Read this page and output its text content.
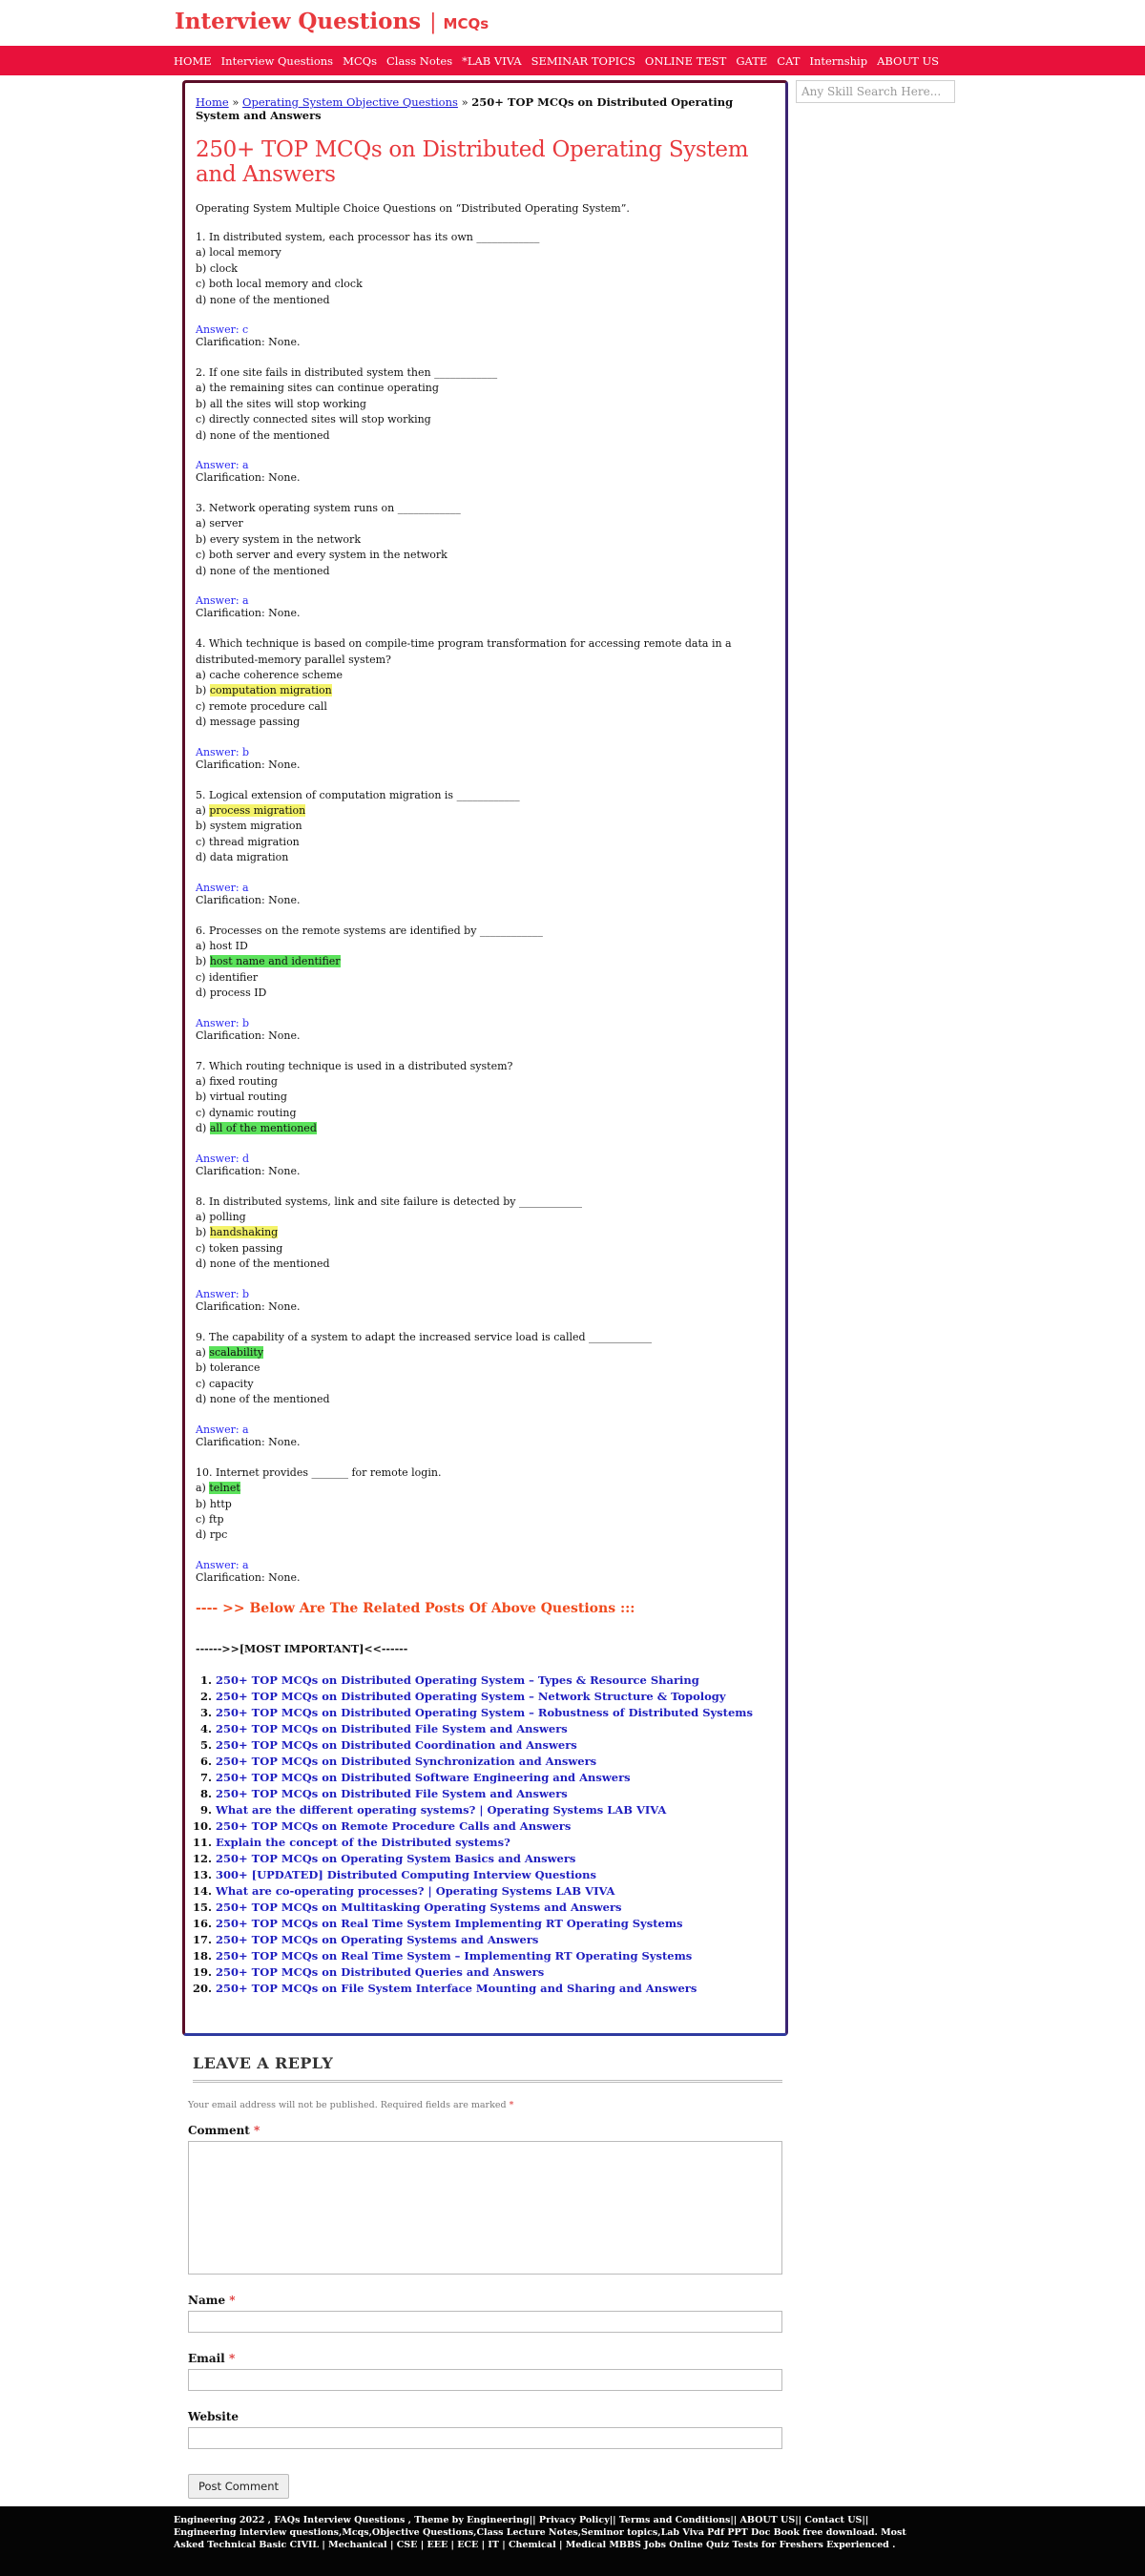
Interview Questions | MCQs
HOME Interview Questions MCQs Class Notes *LAB VIVA SEMINAR TOPICS ONLINE TEST GATE CAT Internship ABOUT US
Any Skill Search Here...
Home » Operating System Objective Questions » 250+ TOP MCQs on Distributed Operating System and Answers
250+ TOP MCQs on Distributed Operating System and Answers

Operating System Multiple Choice Questions on “Distributed Operating System”.

1. In distributed system, each processor has its own ____________

a) local memory

b) clock

c) both local memory and clock

d) none of the mentioned

Answer: c

Clarification: None.

2. If one site fails in distributed system then ____________

a) the remaining sites can continue operating

b) all the sites will stop working

c) directly connected sites will stop working

d) none of the mentioned

Answer: a

Clarification: None.

3. Network operating system runs on ____________

a) server

b) every system in the network

c) both server and every system in the network

d) none of the mentioned

Answer: a

Clarification: None.

4. Which technique is based on compile-time program transformation for accessing remote data in a distributed-memory parallel system?

a) cache coherence scheme

b) computation migration

c) remote procedure call

d) message passing

Answer: b

Clarification: None.

5. Logical extension of computation migration is ____________

a) process migration

b) system migration

c) thread migration

d) data migration

Answer: a

Clarification: None.

6. Processes on the remote systems are identified by ____________

a) host ID

b) host name and identifier

c) identifier

d) process ID

Answer: b

Clarification: None.

7. Which routing technique is used in a distributed system?

a) fixed routing

b) virtual routing

c) dynamic routing

d) all of the mentioned

Answer: d

Clarification: None.

8. In distributed systems, link and site failure is detected by ____________

a) polling

b) handshaking

c) token passing

d) none of the mentioned

Answer: b

Clarification: None.

9. The capability of a system to adapt the increased service load is called ____________

a) scalability

b) tolerance

c) capacity

d) none of the mentioned

Answer: a

Clarification: None.

10. Internet provides _______ for remote login.

a) telnet

b) http

c) ftp

d) rpc

Answer: a

Clarification: None.

---- >> Below Are The Related Posts Of Above Questions :::
------>>[MOST IMPORTANT]<<------
1. 250+ TOP MCQs on Distributed Operating System – Types & Resource Sharing
2. 250+ TOP MCQs on Distributed Operating System – Network Structure & Topology
3. 250+ TOP MCQs on Distributed Operating System – Robustness of Distributed Systems
4. 250+ TOP MCQs on Distributed File System and Answers
5. 250+ TOP MCQs on Distributed Coordination and Answers
6. 250+ TOP MCQs on Distributed Synchronization and Answers
7. 250+ TOP MCQs on Distributed Software Engineering and Answers
8. 250+ TOP MCQs on Distributed File System and Answers
9. What are the different operating systems? | Operating Systems LAB VIVA
10. 250+ TOP MCQs on Remote Procedure Calls and Answers
11. Explain the concept of the Distributed systems?
12. 250+ TOP MCQs on Operating System Basics and Answers
13. 300+ [UPDATED] Distributed Computing Interview Questions
14. What are co-operating processes? | Operating Systems LAB VIVA
15. 250+ TOP MCQs on Multitasking Operating Systems and Answers
16. 250+ TOP MCQs on Real Time System Implementing RT Operating Systems
17. 250+ TOP MCQs on Operating Systems and Answers
18. 250+ TOP MCQs on Real Time System – Implementing RT Operating Systems
19. 250+ TOP MCQs on Distributed Queries and Answers
20. 250+ TOP MCQs on File System Interface Mounting and Sharing and Answers
LEAVE A REPLY

Your email address will not be published. Required fields are marked *

Comment *

Name *

Email *

Website

Post Comment

Engineering 2022 , FAQs Interview Questions , Theme by Engineering|| Privacy Policy|| Terms and Conditions|| ABOUT US|| Contact US||

Engineering interview questions,Mcqs,Objective Questions,Class Lecture Notes,Seminor topics,Lab Viva Pdf PPT Doc Book free download. Most Asked Technical Basic CIVIL | Mechanical | CSE | EEE | ECE | IT | Chemical | Medical MBBS Jobs Online Quiz Tests for Freshers Experienced .
